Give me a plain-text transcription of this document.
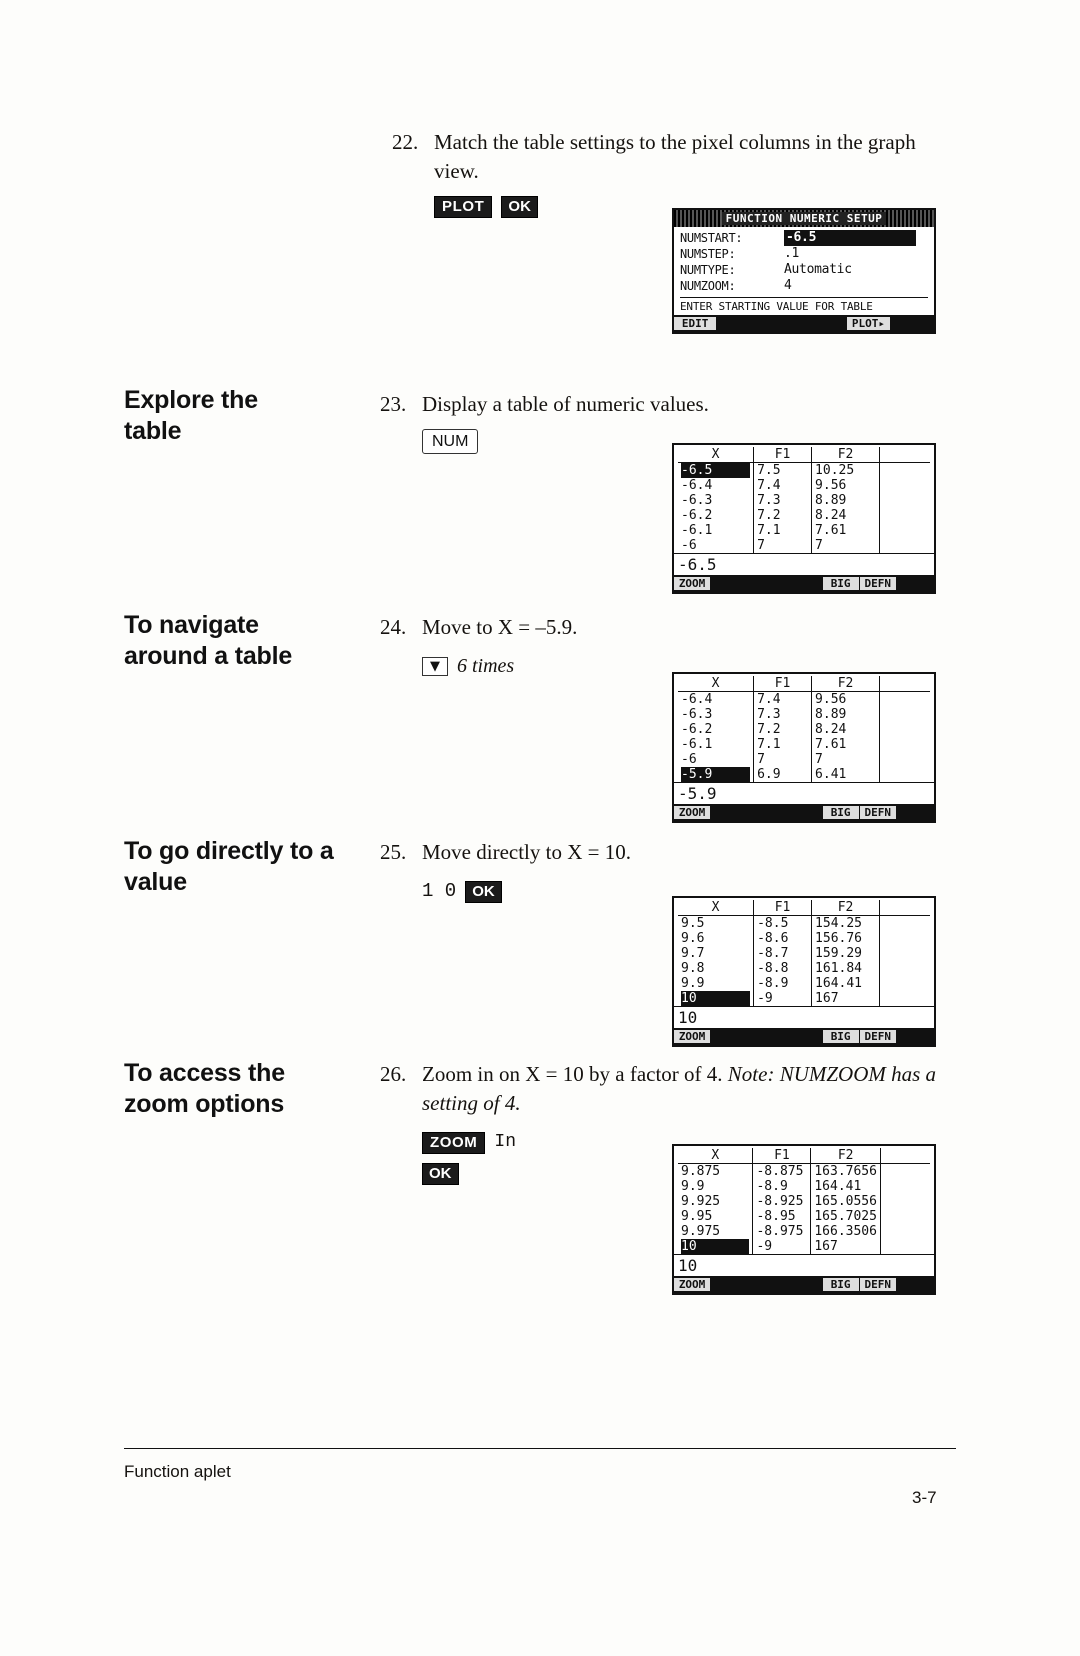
22. Match the table settings to the pixel columns in the graph view.
PLOT	OK
FUNCTION NUMERIC SETUP
NUMSTART:	-6.5
NUMSTEP:	.1
NUMTYPE:	Automatic
NUMZOOM:	4
ENTER STARTING VALUE FOR TABLE
EDIT	PLOT▸
Explore the
table
23. Display a table of numeric values.
NUM
X	F1	F2	

-6.5	7.5	10.25	
-6.4	7.4	9.56	
-6.3	7.3	8.89	
-6.2	7.2	8.24	
-6.1	7.1	7.61	
-6	7	7	
-6.5
ZOOM	BIG	DEFN
To navigate
around a table
24. Move to X = –5.9.
▼ 6 times
X	F1	F2	
-6.4	7.4	9.56	
-6.3	7.3	8.89	
-6.2	7.2	8.24	
-6.1	7.1	7.61	
-6	7	7	

-5.9	6.9	6.41	
-5.9
ZOOM	BIG	DEFN
To go directly to a
value
25. Move directly to X = 10.
1 0	OK
X	F1	F2	
9.5	-8.5	154.25	
9.6	-8.6	156.76	
9.7	-8.7	159.29	
9.8	-8.8	161.84	
9.9	-8.9	164.41	

10	-9	167	
10
ZOOM	BIG	DEFN
To access the
zoom options
26. Zoom in on X = 10 by a factor of 4. Note: NUMZOOM has a setting of 4.
ZOOM In
OK
X	F1	F2	
9.875	-8.875	163.7656	
9.9	-8.9	164.41	
9.925	-8.925	165.0556	
9.95	-8.95	165.7025	
9.975	-8.975	166.3506	

10	-9	167	
10
ZOOM	BIG	DEFN
Function aplet
3-7
